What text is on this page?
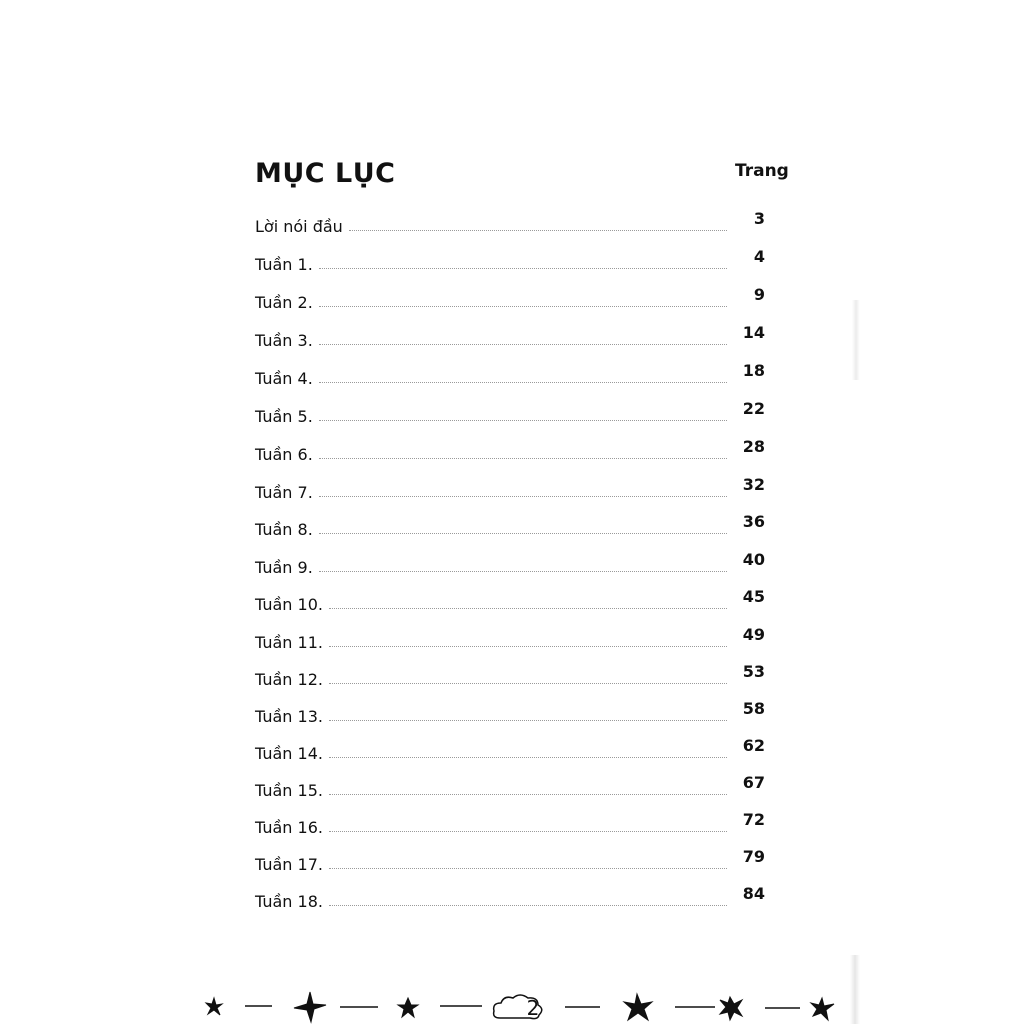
MỤC LỤC	Trang
Lời nói đầu	3
Tuần 1.	4
Tuần 2.	9
Tuần 3.	14
Tuần 4.	18
Tuần 5.	22
Tuần 6.	28
Tuần 7.	32
Tuần 8.	36
Tuần 9.	40
Tuần 10.	45
Tuần 11.	49
Tuần 12.	53
Tuần 13.	58
Tuần 14.	62
Tuần 15.	67
Tuần 16.	72
Tuần 17.	79
Tuần 18.	84
2
